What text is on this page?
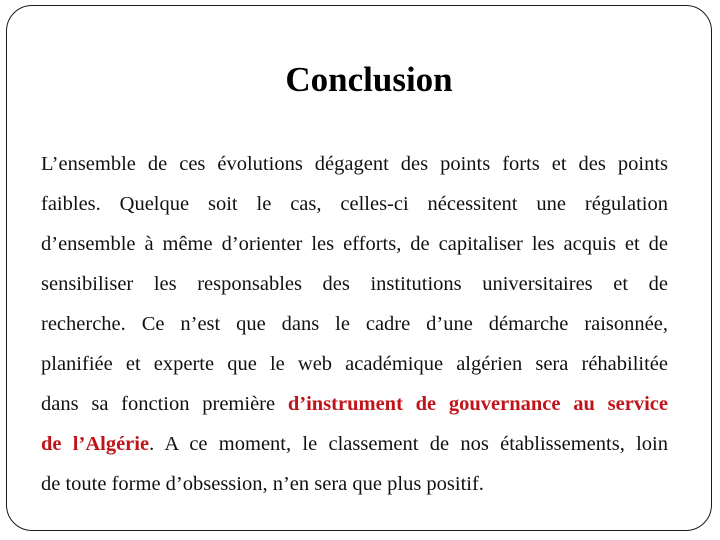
Conclusion
L’ensemble de ces évolutions dégagent des points forts et des points
faibles. Quelque soit le cas, celles-ci nécessitent une régulation
d’ensemble à même d’orienter les efforts, de capitaliser les acquis et de
sensibiliser les responsables des institutions universitaires et de
recherche. Ce n’est que dans le cadre d’une démarche raisonnée,
planifiée et experte que le web académique algérien sera réhabilitée
dans sa fonction première d’instrument de gouvernance au service
de l’Algérie. A ce moment, le classement de nos établissements, loin
de toute forme d’obsession, n’en sera que plus positif.
